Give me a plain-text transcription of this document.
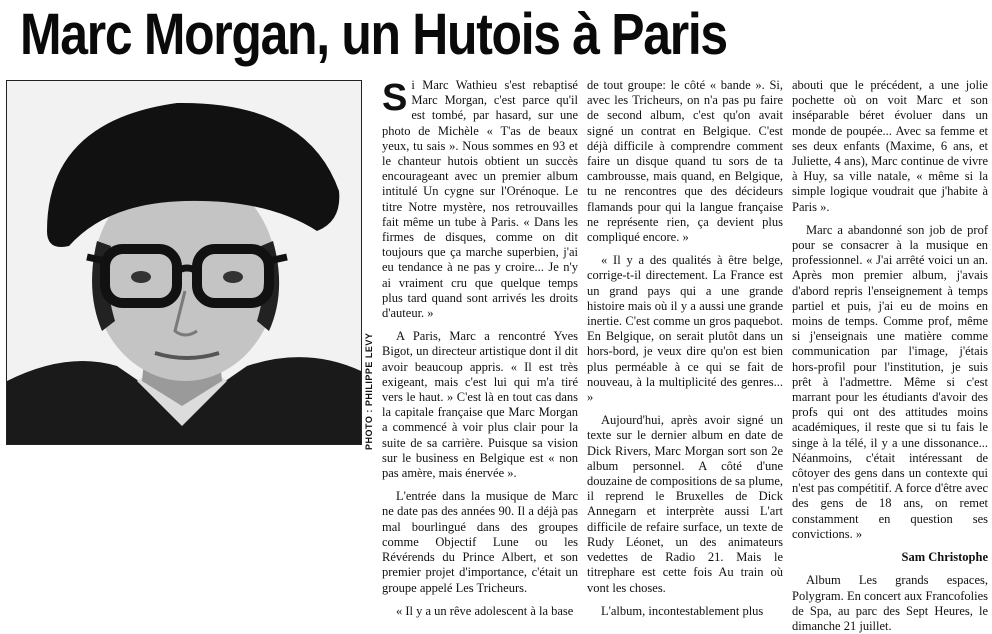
Marc Morgan, un Hutois à Paris
PHOTO : PHILIPPE LEVY

Si Marc Wathieu s'est rebaptisé Marc Morgan, c'est parce qu'il est tombé, par hasard, sur une photo de Michèle « T'as de beaux yeux, tu sais ». Nous sommes en 93 et le chanteur hutois obtient un succès encourageant avec un premier album intitulé Un cygne sur l'Orénoque. Le titre Notre mystère, nos retrouvailles fait même un tube à Paris. « Dans les firmes de disques, comme on dit toujours que ça marche superbien, j'ai eu tendance à ne pas y croire... Je n'y ai vraiment cru que quelque temps plus tard quand sont arrivés les droits d'auteur. »

A Paris, Marc a rencontré Yves Bigot, un directeur artistique dont il dit avoir beaucoup appris. « Il est très exigeant, mais c'est lui qui m'a tiré vers le haut. » C'est là en tout cas dans la capitale française que Marc Morgan a commencé à voir plus clair pour la suite de sa carrière. Puisque sa vision sur le business en Belgique est « non pas amère, mais énervée ».

L'entrée dans la musique de Marc ne date pas des années 90. Il a déjà pas mal bourlingué dans des groupes comme Objectif Lune ou les Révérends du Prince Albert, et son premier projet d'importance, c'était un groupe appelé Les Tricheurs.

« Il y a un rêve adolescent à la base

de tout groupe: le côté « bande ». Si, avec les Tricheurs, on n'a pas pu faire de second album, c'est qu'on avait signé un contrat en Belgique. C'est déjà difficile à comprendre comment faire un disque quand tu sors de ta cambrousse, mais quand, en Belgique, tu ne rencontres que des décideurs flamands pour qui la langue française ne représente rien, ça devient plus compliqué encore. »

« Il y a des qualités à être belge, corrige-t-il directement. La France est un grand pays qui a une grande histoire mais où il y a aussi une grande inertie. C'est comme un gros paquebot. En Belgique, on serait plutôt dans un hors-bord, je veux dire qu'on est bien plus perméable à ce qui se fait de nouveau, à la multiplicité des genres... »

Aujourd'hui, après avoir signé un texte sur le dernier album en date de Dick Rivers, Marc Morgan sort son 2e album personnel. A côté d'une douzaine de compositions de sa plume, il reprend le Bruxelles de Dick Annegarn et interprète aussi L'art difficile de refaire surface, un texte de Rudy Léonet, un des animateurs vedettes de Radio 21. Mais le titrephare est cette fois Au train où vont les choses.

L'album, incontestablement plus

abouti que le précédent, a une jolie pochette où on voit Marc et son inséparable béret évoluer dans un monde de poupée... Avec sa femme et ses deux enfants (Maxime, 6 ans, et Juliette, 4 ans), Marc continue de vivre à Huy, sa ville natale, « même si la simple logique voudrait que j'habite à Paris ».

Marc a abandonné son job de prof pour se consacrer à la musique en professionnel. « J'ai arrêté voici un an. Après mon premier album, j'avais d'abord repris l'enseignement à temps partiel et puis, j'ai eu de moins en moins de temps. Comme prof, même si j'enseignais une matière comme communication par l'image, j'étais hors-profil pour l'institution, je suis prêt à l'admettre. Même si c'est marrant pour les étudiants d'avoir des profs qui ont des attitudes moins académiques, il reste que si tu fais le singe à la télé, il y a une dissonance... Néanmoins, c'était intéressant de côtoyer des gens dans un contexte qui n'est pas compétitif. A force d'être avec des gens de 18 ans, on remet constamment en question ses convictions. »

Sam Christophe

Album Les grands espaces, Polygram. En concert aux Francofolies de Spa, au parc des Sept Heures, le dimanche 21 juillet.
